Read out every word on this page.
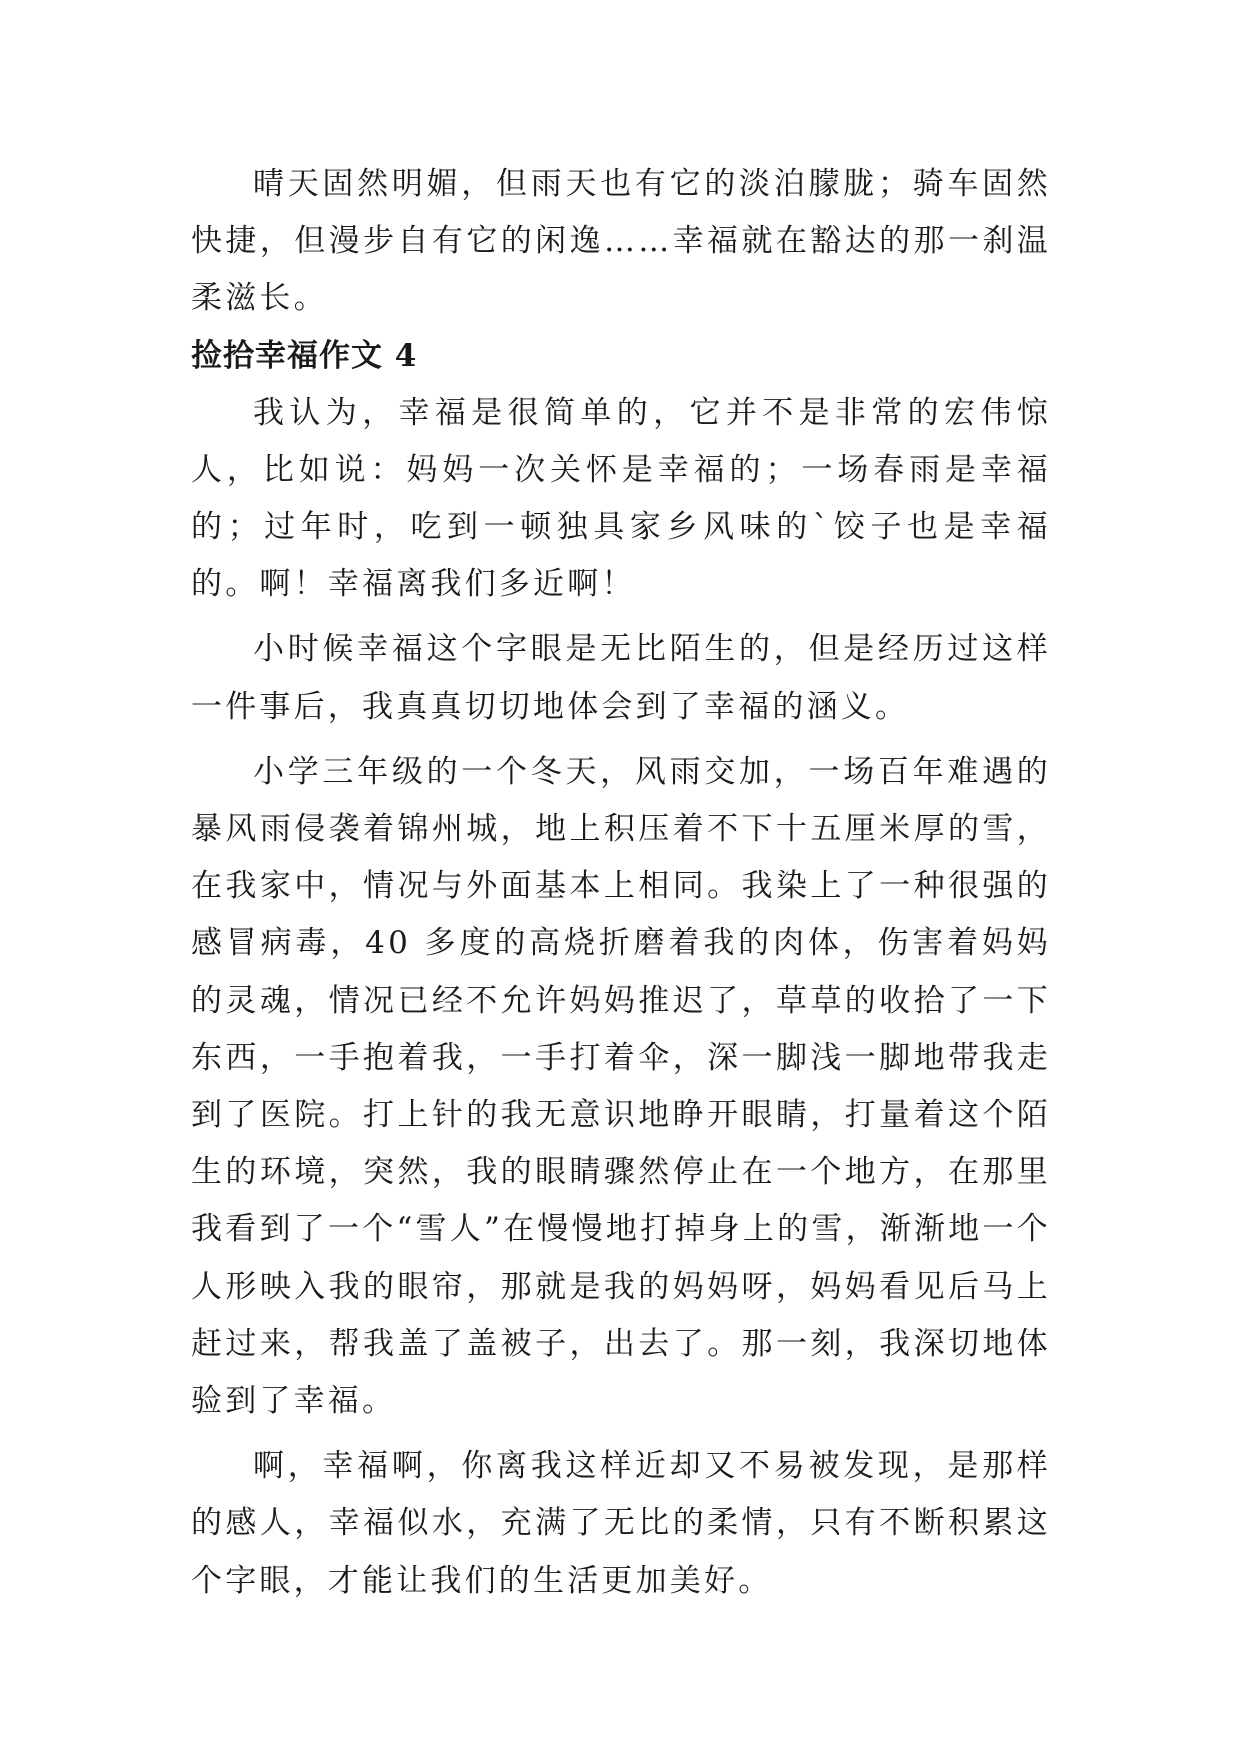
晴天固然明媚，但雨天也有它的淡泊朦胧；骑车固然快捷，但漫步自有它的闲逸……幸福就在豁达的那一刹温柔滋长。

捡拾幸福作文 4

我认为，幸福是很简单的，它并不是非常的宏伟惊人，比如说：妈妈一次关怀是幸福的；一场春雨是幸福的；过年时，吃到一顿独具家乡风味的`饺子也是幸福的。啊！幸福离我们多近啊！

小时候幸福这个字眼是无比陌生的，但是经历过这样一件事后，我真真切切地体会到了幸福的涵义。

小学三年级的一个冬天，风雨交加，一场百年难遇的暴风雨侵袭着锦州城，地上积压着不下十五厘米厚的雪，在我家中，情况与外面基本上相同。我染上了一种很强的感冒病毒，40 多度的高烧折磨着我的肉体，伤害着妈妈的灵魂，情况已经不允许妈妈推迟了，草草的收拾了一下东西，一手抱着我，一手打着伞，深一脚浅一脚地带我走到了医院。打上针的我无意识地睁开眼睛，打量着这个陌生的环境，突然，我的眼睛骤然停止在一个地方，在那里我看到了一个“雪人”在慢慢地打掉身上的雪，渐渐地一个人形映入我的眼帘，那就是我的妈妈呀，妈妈看见后马上赶过来，帮我盖了盖被子，出去了。那一刻，我深切地体验到了幸福。

啊，幸福啊，你离我这样近却又不易被发现，是那样的感人，幸福似水，充满了无比的柔情，只有不断积累这个字眼，才能让我们的生活更加美好。
